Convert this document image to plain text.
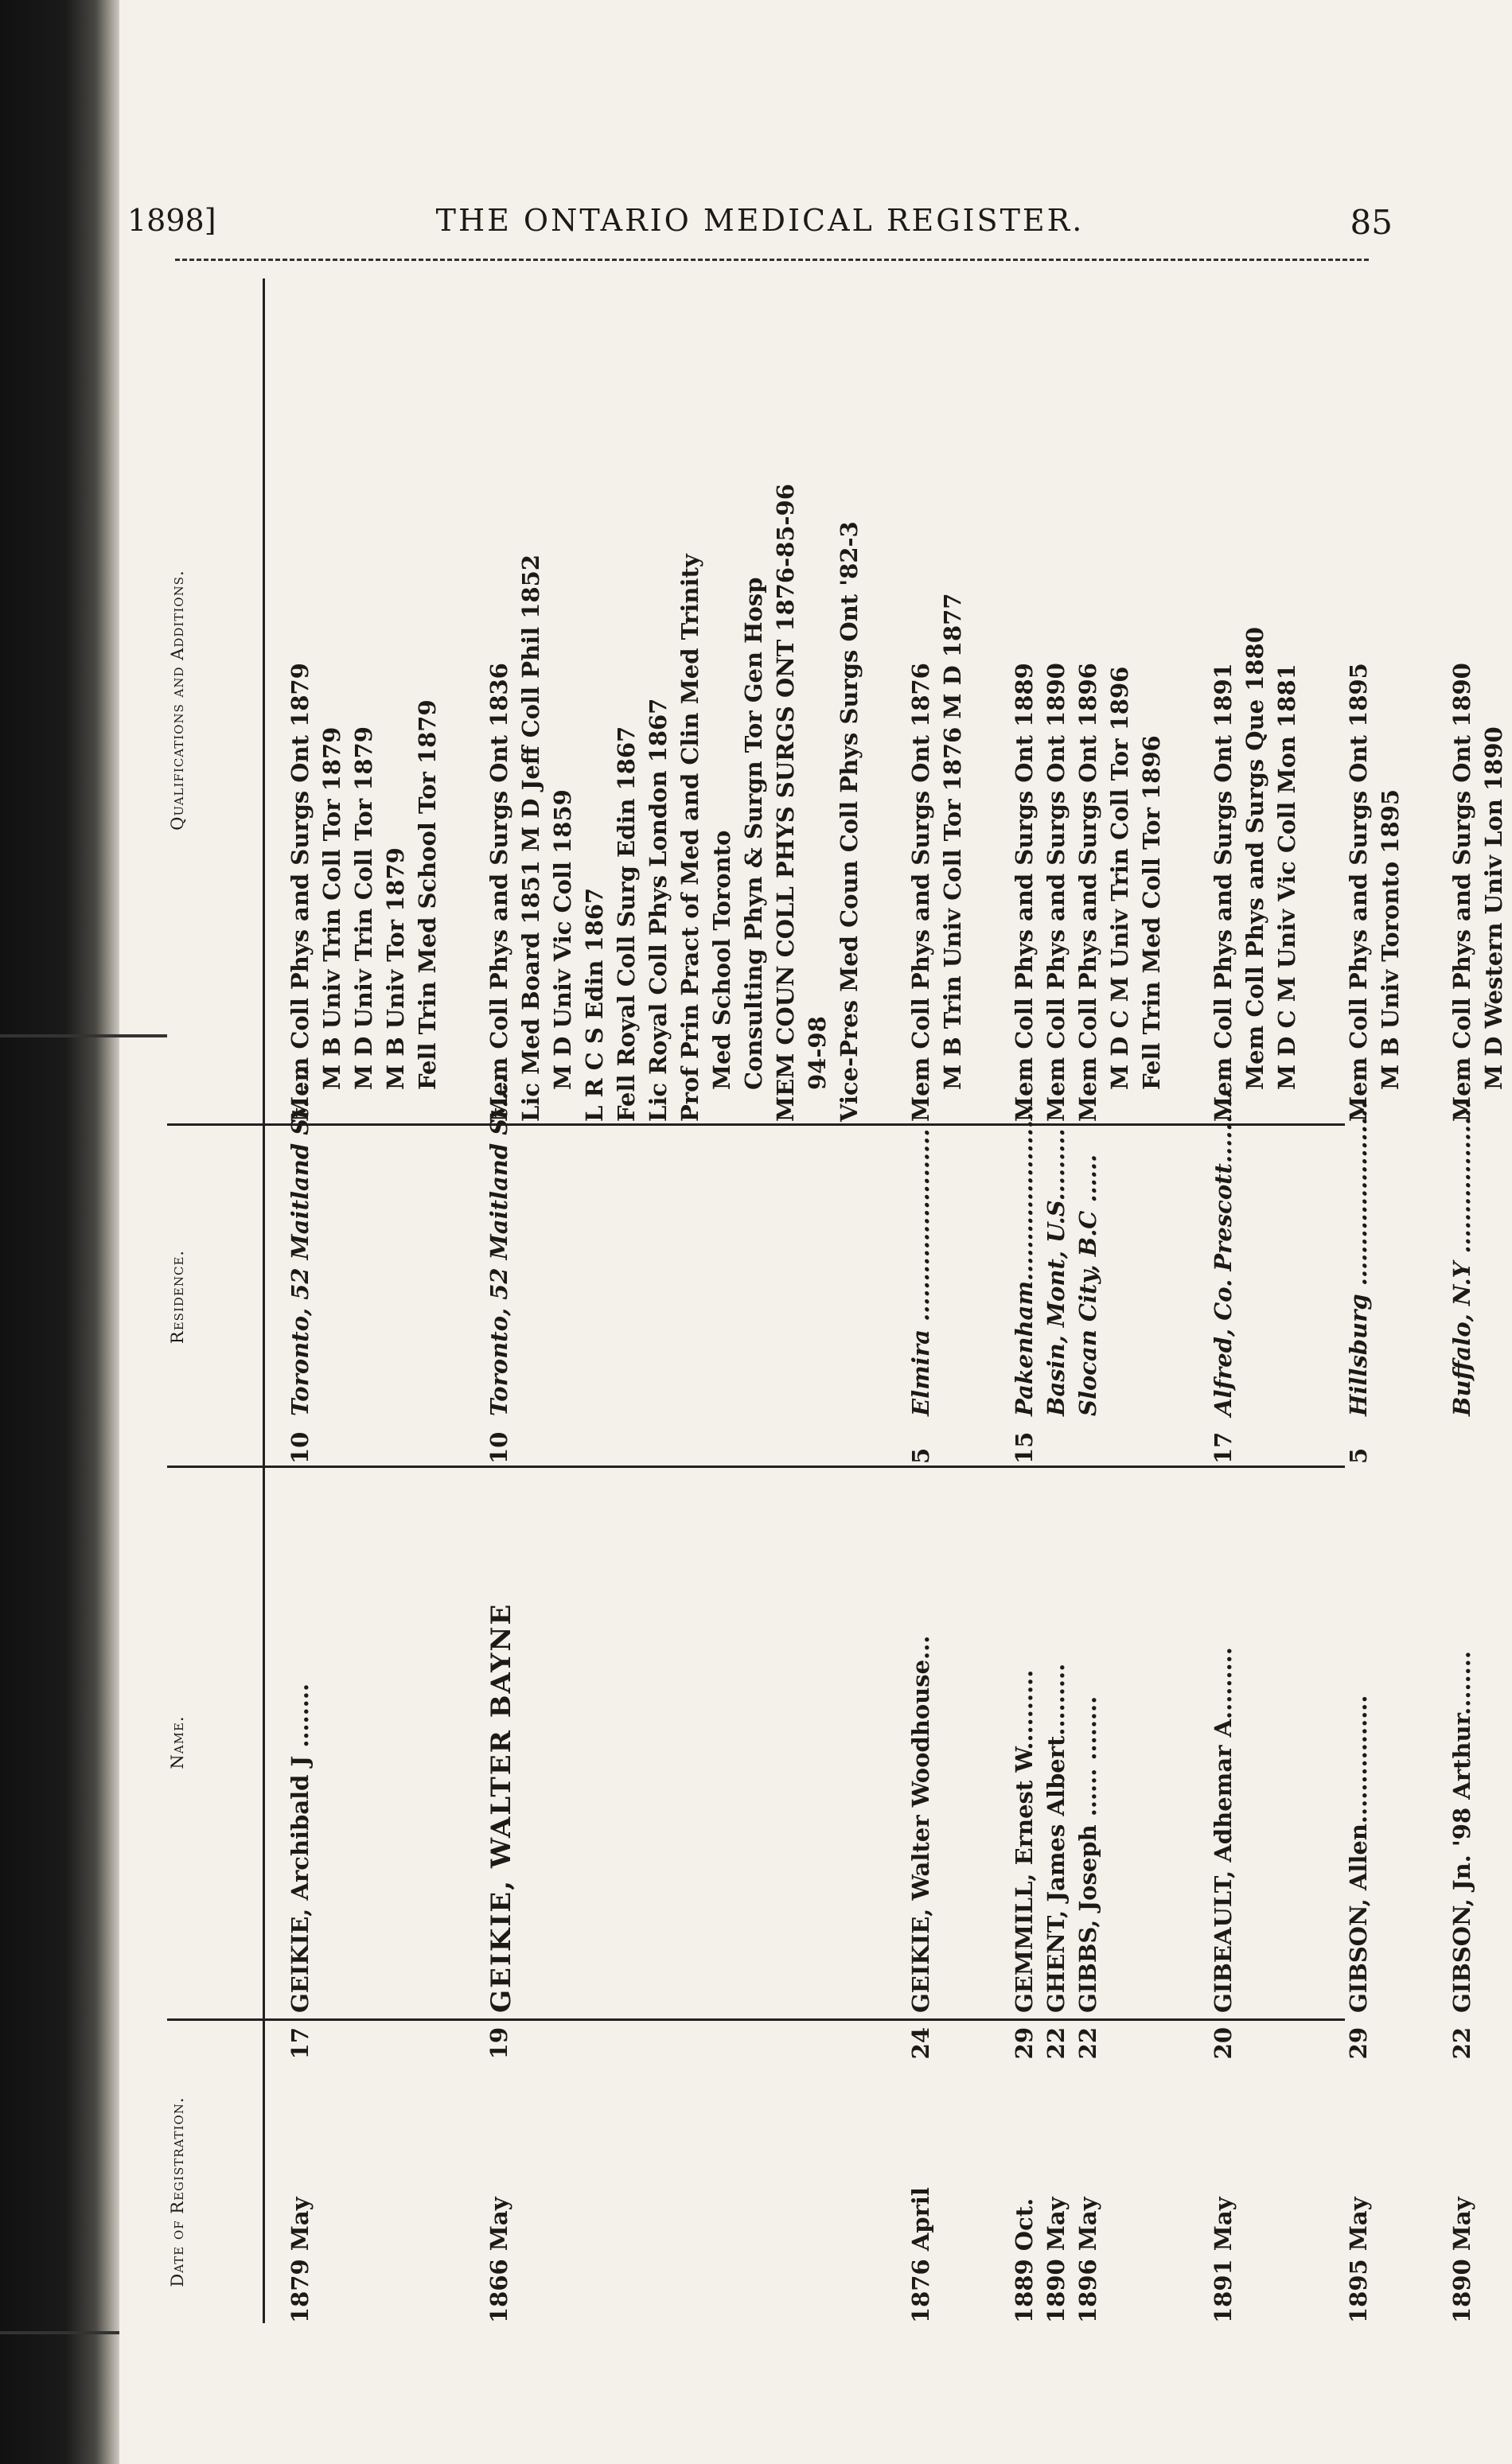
1898]	THE ONTARIO MEDICAL REGISTER.	85
Date of Registration.
Name.
Residence.
Qualifications and Additions.
1879 May
17
GEIKIE, Archibald J ........
10
Toronto, 52 Maitland St. . .
Mem Coll Phys and Surgs Ont 1879 M B Univ Trin Coll Tor 1879 M D Univ Trin Coll Tor 1879 M B Univ Tor 1879 Fell Trin Med School Tor 1879
1866 May
19
GEIKIE, WALTER BAYNE
10
Toronto, 52 Maitland St....
Mem Coll Phys and Surgs Ont 1836 Lic Med Board 1851 M D Jeff Coll Phil 1852 M D Univ Vic Coll 1859 L R C S Edin 1867 Fell Royal Coll Surg Edin 1867 Lic Royal Coll Phys London 1867 Prof Prin Pract of Med and Clin Med Trinity Med School Toronto Consulting Phyn & Surgn Tor Gen Hosp MEM COUN COLL PHYS SURGS ONT 1876-85-96 94-98 Vice-Pres Med Coun Coll Phys Surgs Ont '82-3
1876 April
24
GEIKIE, Walter Woodhouse...
5
Elmira ........................
Mem Coll Phys and Surgs Ont 1876 M B Trin Univ Coll Tor 1876 M D 1877
1889 Oct.
29
GEMMILL, Ernest W..........
15
Pakenham......................
Mem Coll Phys and Surgs Ont 1889
1890 May
22
GHENT, James Albert.........
Basin, Mont, U.S.........
Mem Coll Phys and Surgs Ont 1890
1896 May
22
GIBBS, Joseph ...... ........
Slocan City, B.C ......
Mem Coll Phys and Surgs Ont 1896 M D C M Univ Trin Coll Tor 1896 Fell Trin Med Coll Tor 1896
1891 May
20
GIBEAULT, Adhemar A.........
17
Alfred, Co. Prescott.........
Mem Coll Phys and Surgs Ont 1891 Mem Coll Phys and Surgs Que 1880 M D C M Univ Vic Coll Mon 1881
1895 May
29
GIBSON, Allen................
5
Hillsburg .......................
Mem Coll Phys and Surgs Ont 1895 M B Univ Toronto 1895
1890 May
22
GIBSON, Jn. '98 Arthur........
Buffalo, N.Y ...................
Mem Coll Phys and Surgs Ont 1890 M D Western Univ Lon 1890
